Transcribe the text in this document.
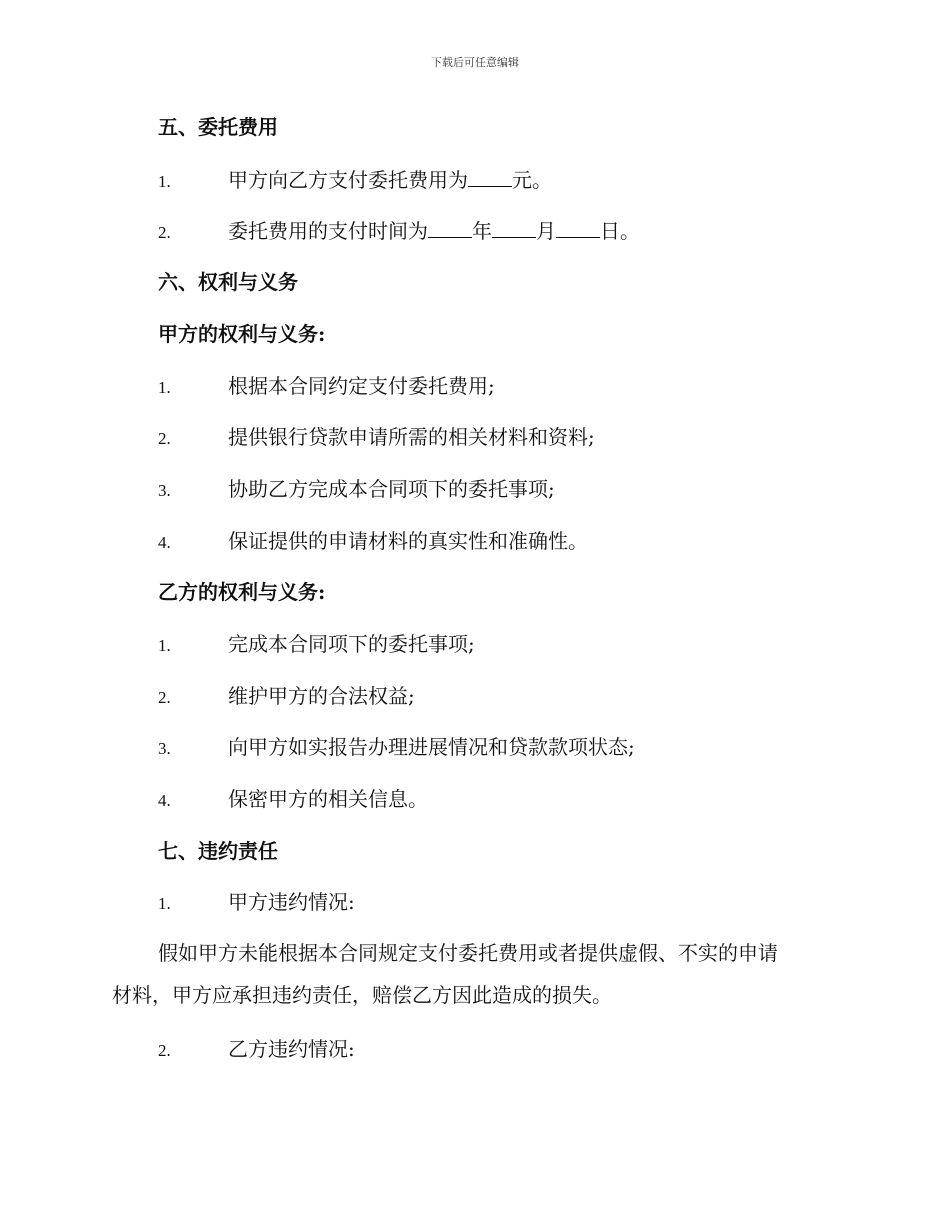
下载后可任意编辑
五、委托费用
1.	甲方向乙方支付委托费用为 元。
2.	委托费用的支付时间为 年 月 日。
六、权利与义务
甲方的权利与义务:
1.	根据本合同约定支付委托费用;
2.	提供银行贷款申请所需的相关材料和资料;
3.	协助乙方完成本合同项下的委托事项;
4.	保证提供的申请材料的真实性和准确性。
乙方的权利与义务:
1.	完成本合同项下的委托事项;
2.	维护甲方的合法权益;
3.	向甲方如实报告办理进展情况和贷款款项状态;
4.	保密甲方的相关信息。
七、违约责任
1.	甲方违约情况:
假如甲方未能根据本合同规定支付委托费用或者提供虚假、不实的申请
材料，甲方应承担违约责任，赔偿乙方因此造成的损失。
2.	乙方违约情况:
